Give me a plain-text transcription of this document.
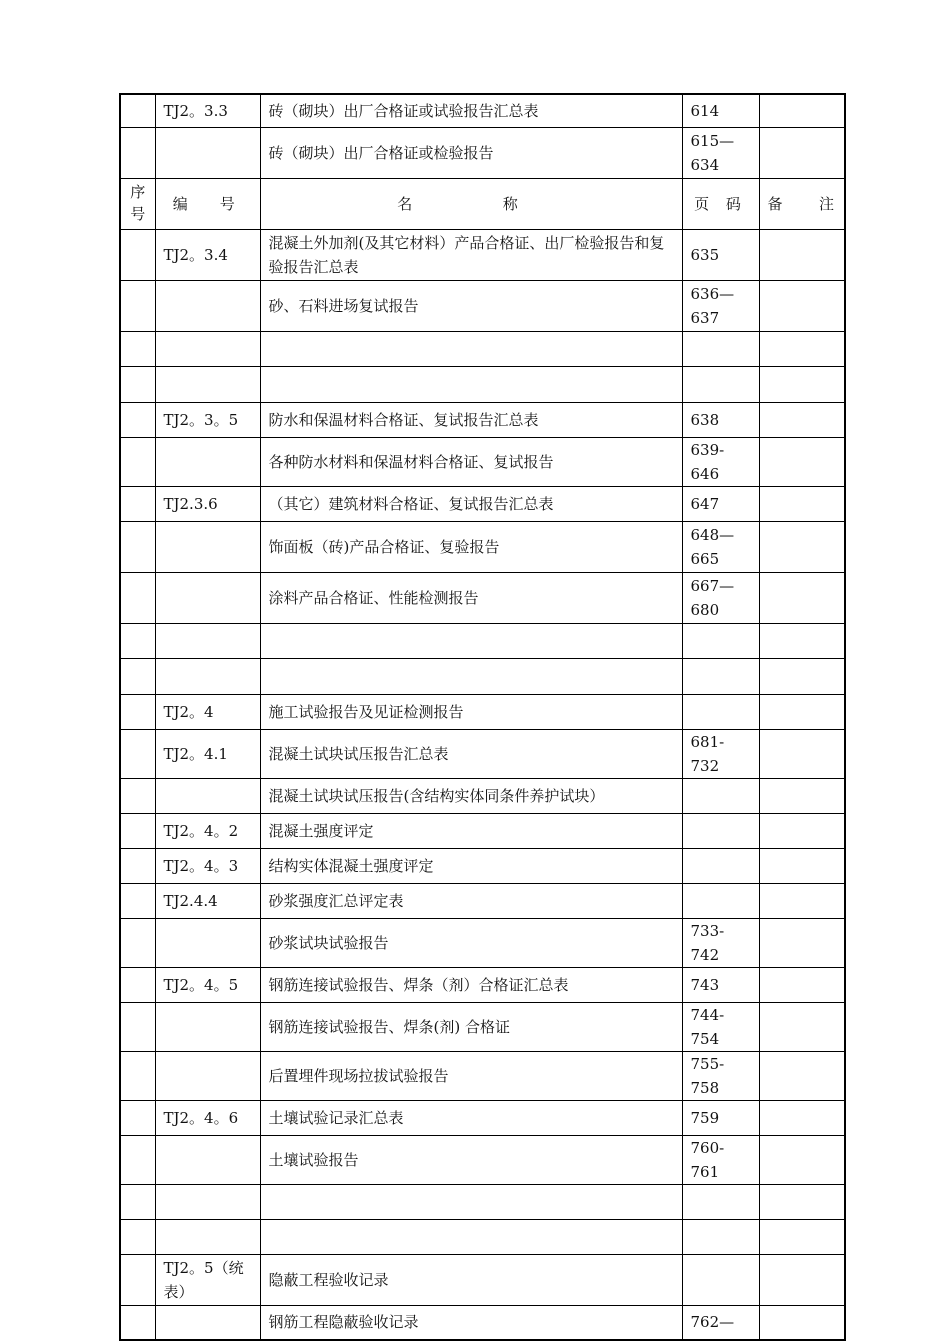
	TJ2。3.3	砖（砌块）出厂合格证或试验报告汇总表	614	
		砖（砌块）出厂合格证或检验报告	615—634	
序号	编  号	名  称	页 码	备  注
	TJ2。3.4	混凝土外加剂(及其它材料）产品合格证、出厂检验报告和复验报告汇总表	635	
		砂、石料进场复试报告	636—637	

	TJ2。3。5	防水和保温材料合格证、复试报告汇总表	638	
		各种防水材料和保温材料合格证、复试报告	639-646	
	TJ2.3.6	（其它）建筑材料合格证、复试报告汇总表	647	
		饰面板（砖)产品合格证、复验报告	648—665	
		涂料产品合格证、性能检测报告	667—680	

	TJ2。4	施工试验报告及见证检测报告		
	TJ2。4.1	混凝土试块试压报告汇总表	681-732	
		混凝土试块试压报告(含结构实体同条件养护试块）		
	TJ2。4。2	混凝土强度评定		
	TJ2。4。3	结构实体混凝土强度评定		
	TJ2.4.4	砂浆强度汇总评定表		
		砂浆试块试验报告	733-742	
	TJ2。4。5	钢筋连接试验报告、焊条（剂）合格证汇总表	743	
		钢筋连接试验报告、焊条(剂) 合格证	744-754	
		后置埋件现场拉拔试验报告	755-758	
	TJ2。4。6	土壤试验记录汇总表	759	
		土壤试验报告	760-761	

	TJ2。5（统表）	隐蔽工程验收记录		
		钢筋工程隐蔽验收记录	762—	
